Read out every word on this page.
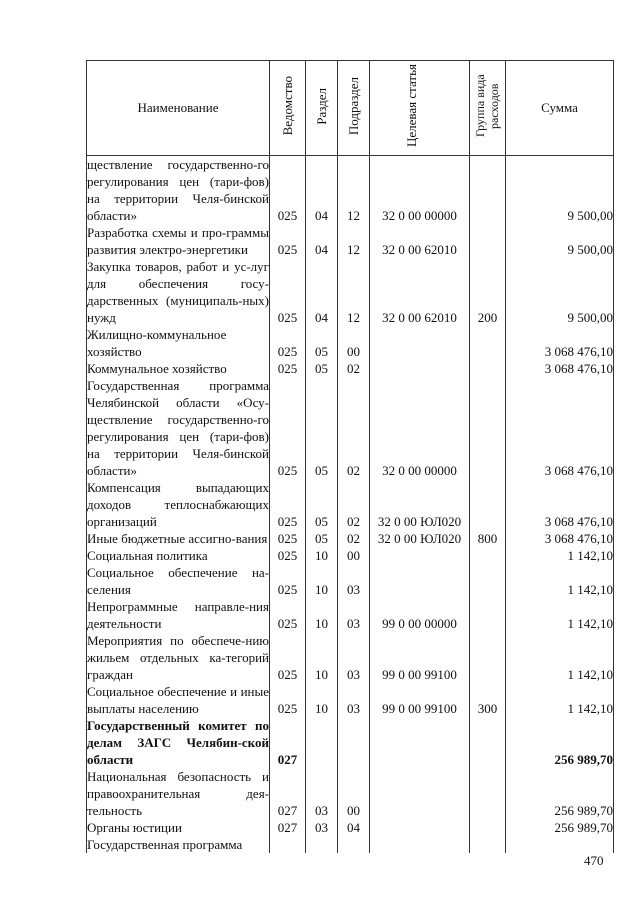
Наименование	Ведомство	Раздел	Подраздел	Целевая статья	Группа вида расходов	Сумма
ществление государственно-го регулирования цен (тари-фов) на территории Челя-бинской области»	025	04	12	32 0 00 00000		9 500,00
Разработка схемы и про-граммы развития электро-энергетики	025	04	12	32 0 00 62010		9 500,00
Закупка товаров, работ и ус-луг для обеспечения госу-дарственных (муниципаль-ных) нужд	025	04	12	32 0 00 62010	200	9 500,00
Жилищно-коммунальное хозяйство	025	05	00			3 068 476,10
Коммунальное хозяйство	025	05	02			3 068 476,10
Государственная программа Челябинской области «Осу-ществление государственно-го регулирования цен (тари-фов) на территории Челя-бинской области»	025	05	02	32 0 00 00000		3 068 476,10
Компенсация выпадающих доходов теплоснабжающих организаций	025	05	02	32 0 00 ЮЛ020		3 068 476,10
Иные бюджетные ассигно-вания	025	05	02	32 0 00 ЮЛ020	800	3 068 476,10
Социальная политика	025	10	00			1 142,10
Социальное обеспечение на-селения	025	10	03			1 142,10
Непрограммные направле-ния деятельности	025	10	03	99 0 00 00000		1 142,10
Мероприятия по обеспече-нию жильем отдельных ка-тегорий граждан	025	10	03	99 0 00 99100		1 142,10
Социальное обеспечение и иные выплаты населению	025	10	03	99 0 00 99100	300	1 142,10
Государственный комитет по делам ЗАГС Челябин-ской области	027					256 989,70
Национальная безопасность и правоохранительная дея-тельность	027	03	00			256 989,70
Органы юстиции	027	03	04			256 989,70
Государственная программа						
470
